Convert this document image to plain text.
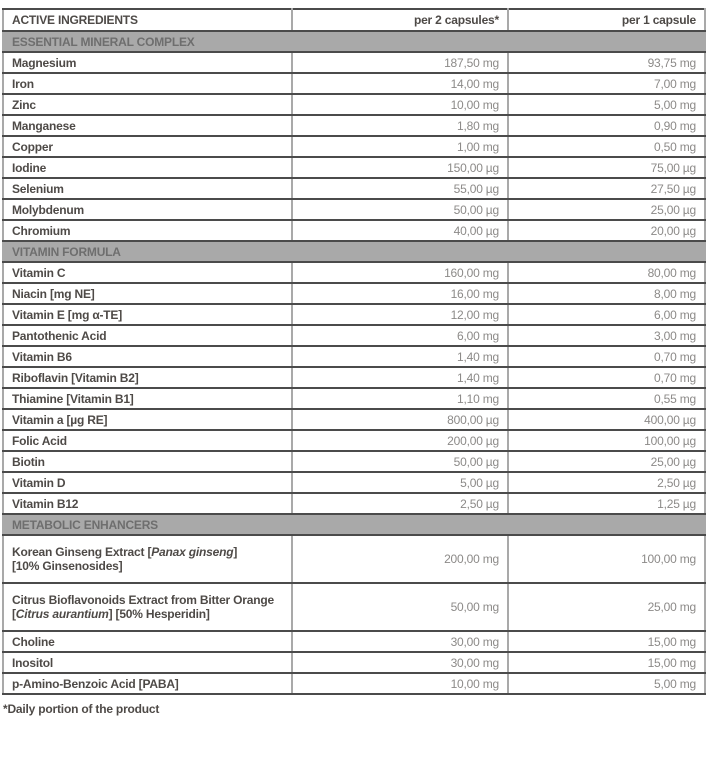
ACTIVE INGREDIENTS	per 2 capsules*	per 1 capsule
ESSENTIAL MINERAL COMPLEX		
Magnesium	187,50 mg	93,75 mg
Iron	14,00 mg	7,00 mg
Zinc	10,00 mg	5,00 mg
Manganese	1,80 mg	0,90 mg
Copper	1,00 mg	0,50 mg
Iodine	150,00 µg	75,00 µg
Selenium	55,00 µg	27,50 µg
Molybdenum	50,00 µg	25,00 µg
Chromium	40,00 µg	20,00 µg
VITAMIN FORMULA		
Vitamin C	160,00 mg	80,00 mg
Niacin [mg NE]	16,00 mg	8,00 mg
Vitamin E [mg α-TE]	12,00 mg	6,00 mg
Pantothenic Acid	6,00 mg	3,00 mg
Vitamin B6	1,40 mg	0,70 mg
Riboflavin [Vitamin B2]	1,40 mg	0,70 mg
Thiamine [Vitamin B1]	1,10 mg	0,55 mg
Vitamin a [µg RE]	800,00 µg	400,00 µg
Folic Acid	200,00 µg	100,00 µg
Biotin	50,00 µg	25,00 µg
Vitamin D	5,00 µg	2,50 µg
Vitamin B12	2,50 µg	1,25 µg
METABOLIC ENHANCERS		

Korean Ginseng Extract [Panax ginseng]
[10% Ginsenosides]	200,00 mg	100,00 mg

Citrus Bioflavonoids Extract from Bitter Orange
[Citrus aurantium] [50% Hesperidin]	50,00 mg	25,00 mg
Choline	30,00 mg	15,00 mg
Inositol	30,00 mg	15,00 mg
p-Amino-Benzoic Acid [PABA]	10,00 mg	5,00 mg
*Daily portion of the product
